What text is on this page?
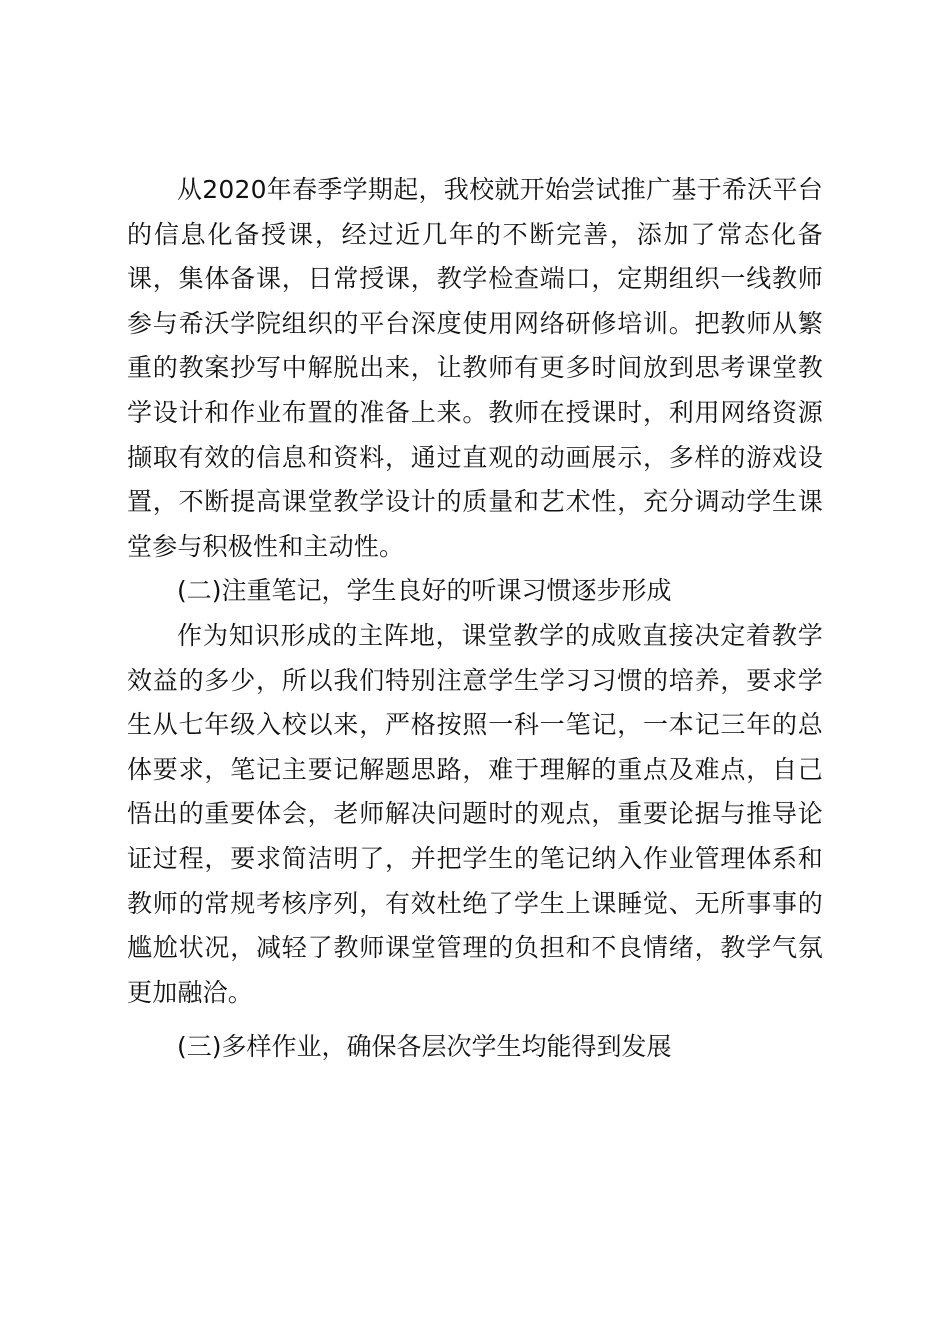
从2020年春季学期起，我校就开始尝试推广基于希沃平台的信息化备授课，经过近几年的不断完善，添加了常态化备课，集体备课，日常授课，教学检查端口，定期组织一线教师参与希沃学院组织的平台深度使用网络研修培训。把教师从繁重的教案抄写中解脱出来，让教师有更多时间放到思考课堂教学设计和作业布置的准备上来。教师在授课时，利用网络资源撷取有效的信息和资料，通过直观的动画展示，多样的游戏设置，不断提高课堂教学设计的质量和艺术性，充分调动学生课堂参与积极性和主动性。

(二)注重笔记，学生良好的听课习惯逐步形成

作为知识形成的主阵地，课堂教学的成败直接决定着教学效益的多少，所以我们特别注意学生学习习惯的培养，要求学生从七年级入校以来，严格按照一科一笔记，一本记三年的总体要求，笔记主要记解题思路，难于理解的重点及难点，自己悟出的重要体会，老师解决问题时的观点，重要论据与推导论证过程，要求简洁明了，并把学生的笔记纳入作业管理体系和教师的常规考核序列，有效杜绝了学生上课睡觉、无所事事的尴尬状况，减轻了教师课堂管理的负担和不良情绪，教学气氛更加融洽。

(三)多样作业，确保各层次学生均能得到发展
